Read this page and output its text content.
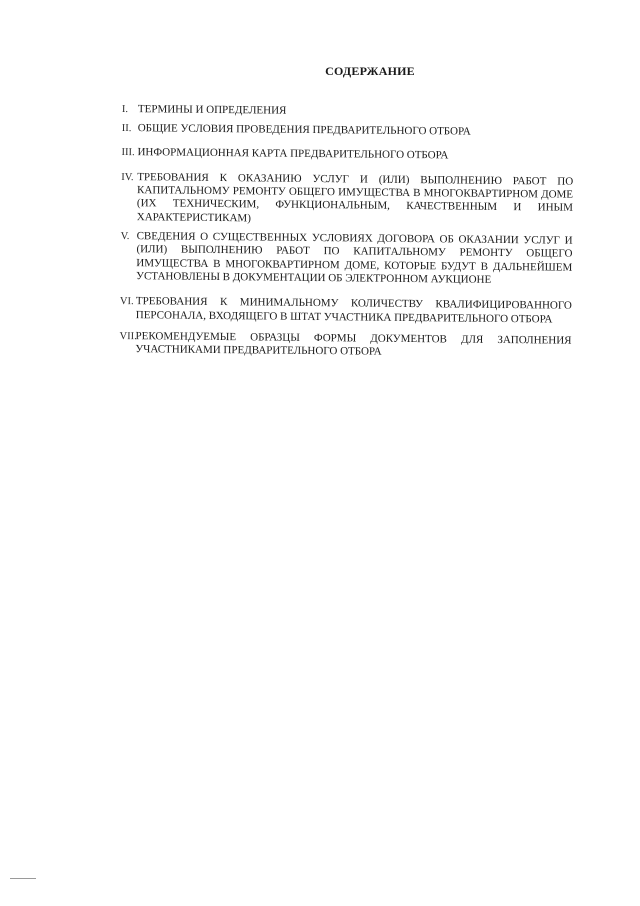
СОДЕРЖАНИЕ
I. ТЕРМИНЫ И ОПРЕДЕЛЕНИЯ
II. ОБЩИЕ УСЛОВИЯ ПРОВЕДЕНИЯ ПРЕДВАРИТЕЛЬНОГО ОТБОРА
III. ИНФОРМАЦИОННАЯ КАРТА ПРЕДВАРИТЕЛЬНОГО ОТБОРА
IV. ТРЕБОВАНИЯ К ОКАЗАНИЮ УСЛУГ И (ИЛИ) ВЫПОЛНЕНИЮ РАБОТ ПО КАПИТАЛЬНОМУ РЕМОНТУ ОБЩЕГО ИМУЩЕСТВА В МНОГОКВАРТИРНОМ ДОМЕ (ИХ ТЕХНИЧЕСКИМ, ФУНКЦИОНАЛЬНЫМ, КАЧЕСТВЕННЫМ И ИНЫМ ХАРАКТЕРИСТИКАМ)
V. СВЕДЕНИЯ О СУЩЕСТВЕННЫХ УСЛОВИЯХ ДОГОВОРА ОБ ОКАЗАНИИ УСЛУГ И (ИЛИ) ВЫПОЛНЕНИЮ РАБОТ ПО КАПИТАЛЬНОМУ РЕМОНТУ ОБЩЕГО ИМУЩЕСТВА В МНОГОКВАРТИРНОМ ДОМЕ, КОТОРЫЕ БУДУТ В ДАЛЬНЕЙШЕМ УСТАНОВЛЕНЫ В ДОКУМЕНТАЦИИ ОБ ЭЛЕКТРОННОМ АУКЦИОНЕ
VI. ТРЕБОВАНИЯ К МИНИМАЛЬНОМУ КОЛИЧЕСТВУ КВАЛИФИЦИРОВАННОГО ПЕРСОНАЛА, ВХОДЯЩЕГО В ШТАТ УЧАСТНИКА ПРЕДВАРИТЕЛЬНОГО ОТБОРА
VII.
РЕКОМЕНДУЕМЫЕ ОБРАЗЦЫ ФОРМЫ ДОКУМЕНТОВ ДЛЯ ЗАПОЛНЕНИЯ УЧАСТНИКАМИ ПРЕДВАРИТЕЛЬНОГО ОТБОРА
